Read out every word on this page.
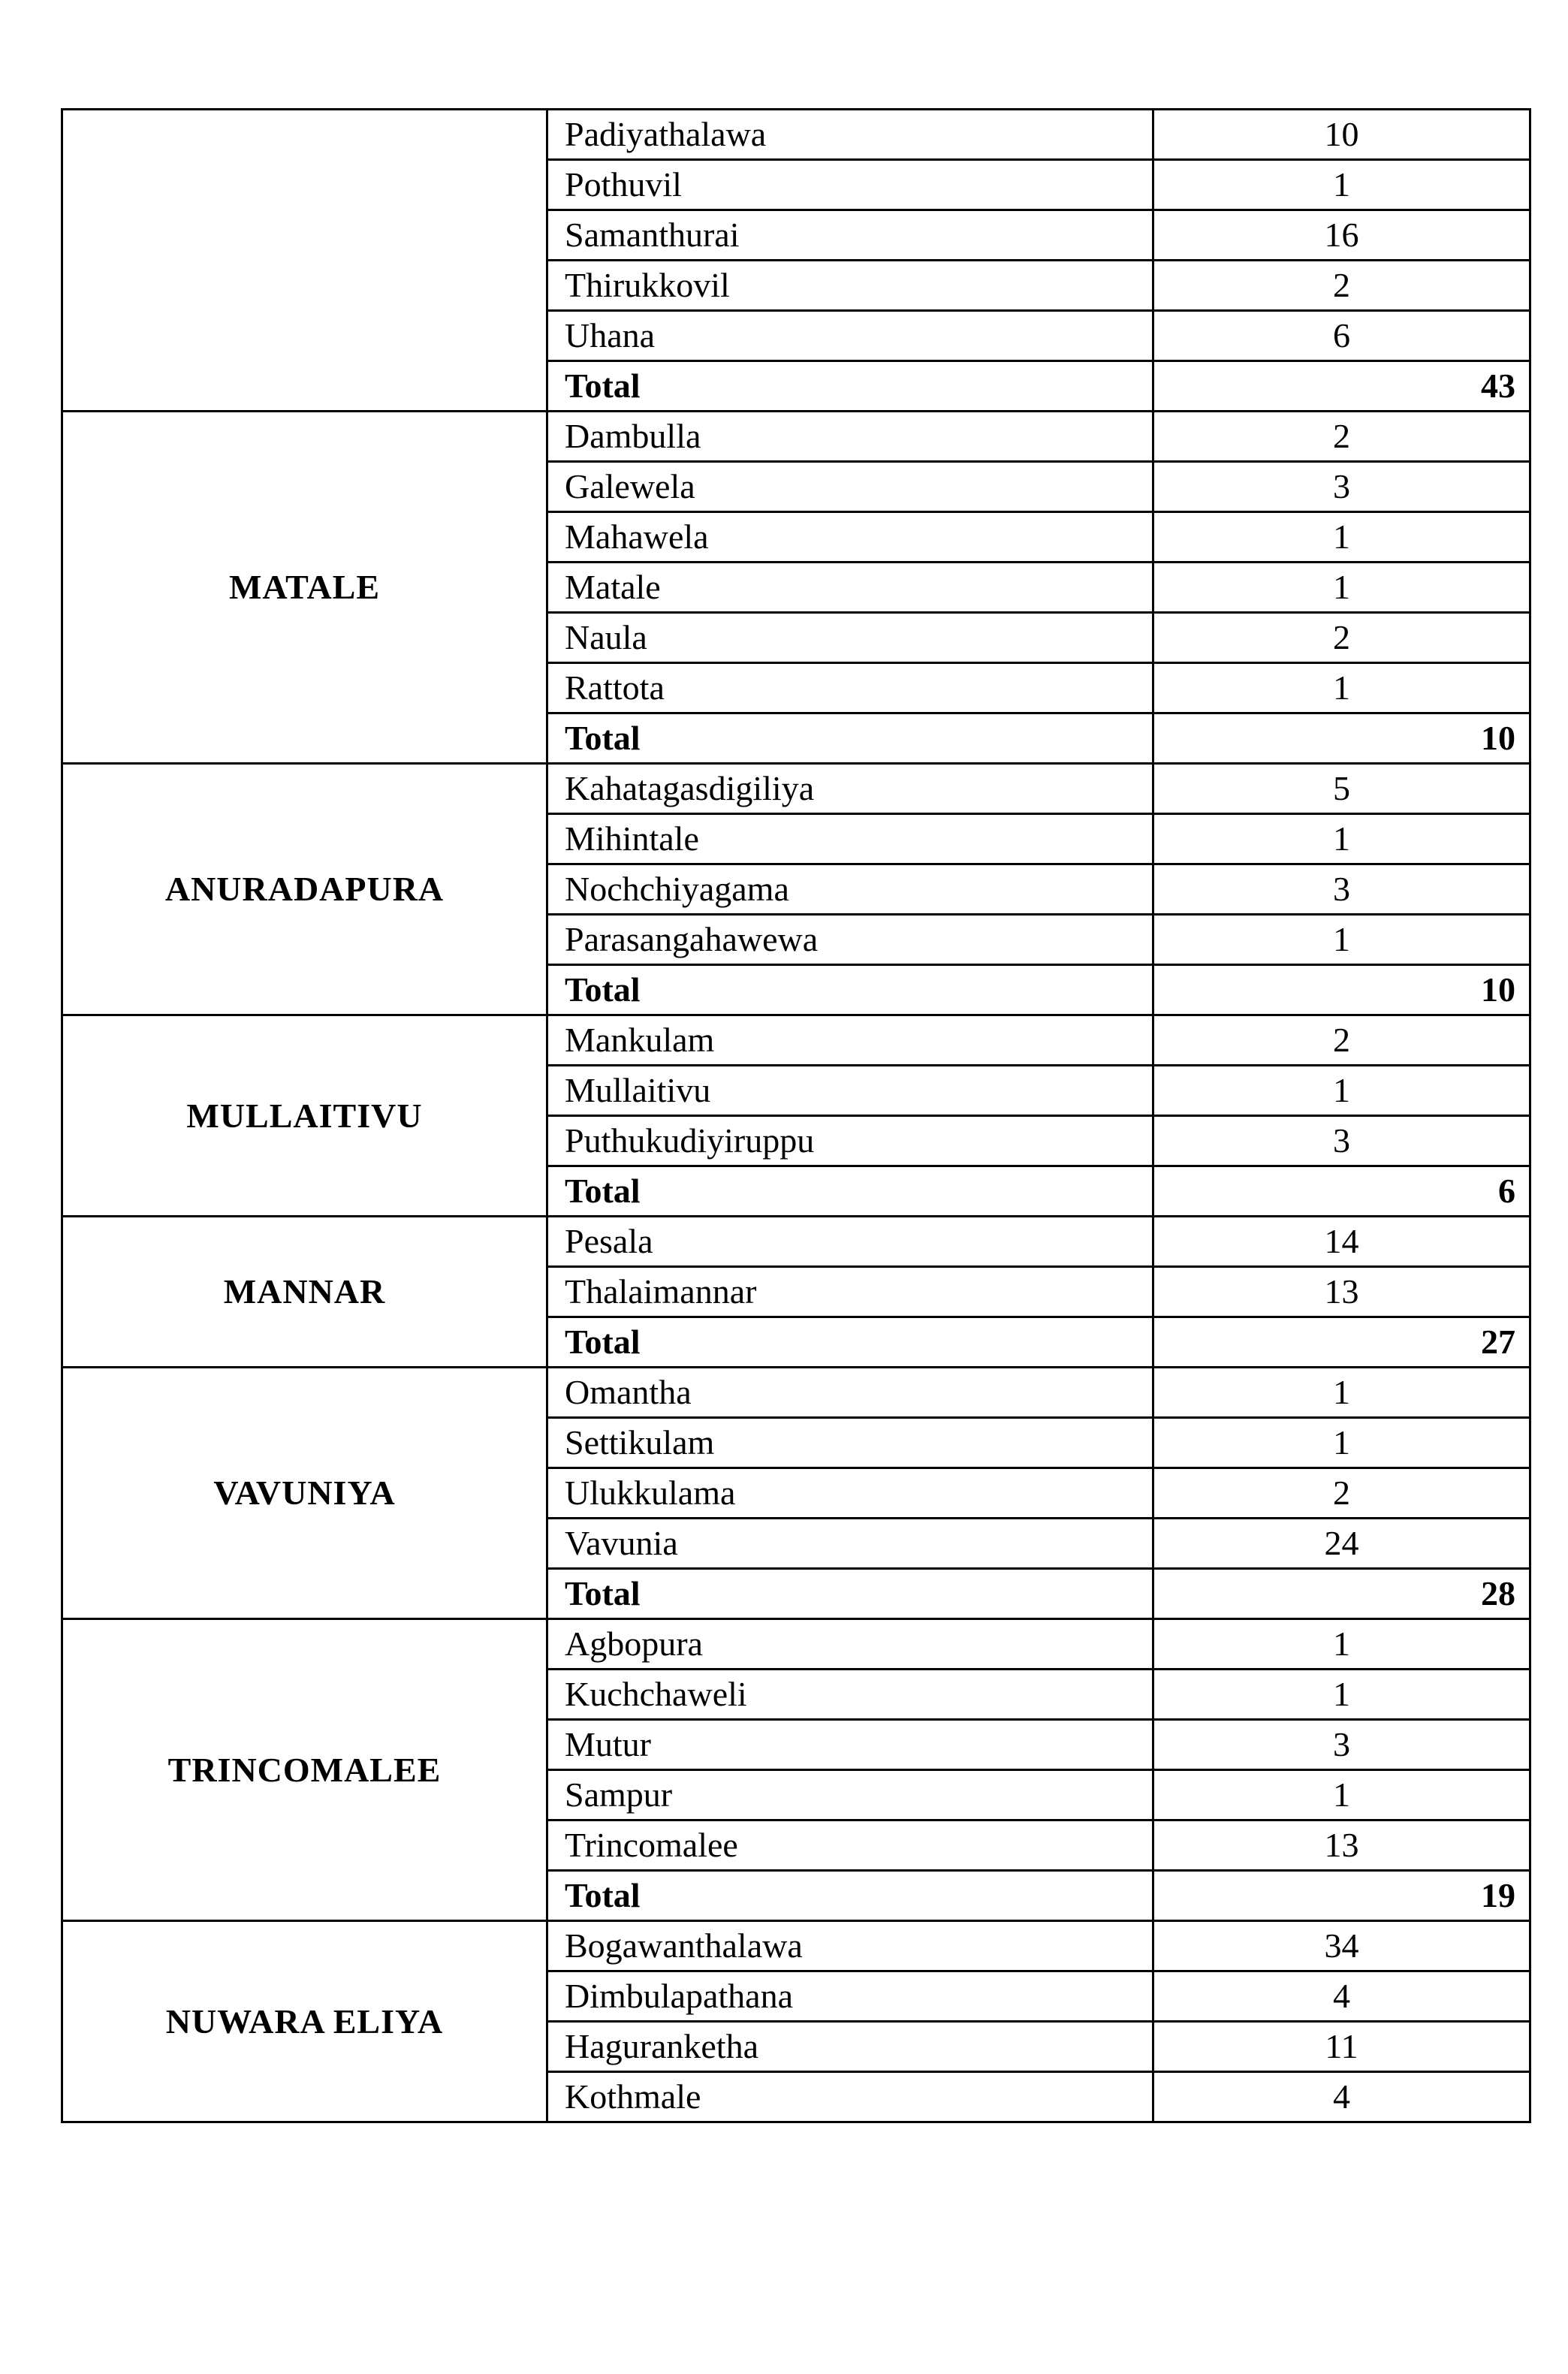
	Padiyathalawa	10
	Pothuvil	1
	Samanthurai	16
	Thirukkovil	2
	Uhana	6
	Total	43
MATALE	Dambulla	2
	Galewela	3
	Mahawela	1
	Matale	1
	Naula	2
	Rattota	1
	Total	10
ANURADAPURA	Kahatagasdigiliya	5
	Mihintale	1
	Nochchiyagama	3
	Parasangahawewa	1
	Total	10
MULLAITIVU	Mankulam	2
	Mullaitivu	1
	Puthukudiyiruppu	3
	Total	6
MANNAR	Pesala	14
	Thalaimannar	13
	Total	27
VAVUNIYA	Omantha	1
	Settikulam	1
	Ulukkulama	2
	Vavunia	24
	Total	28
TRINCOMALEE	Agbopura	1
	Kuchchaweli	1
	Mutur	3
	Sampur	1
	Trincomalee	13
	Total	19
NUWARA ELIYA	Bogawanthalawa	34
	Dimbulapathana	4
	Haguranketha	11
	Kothmale	4
